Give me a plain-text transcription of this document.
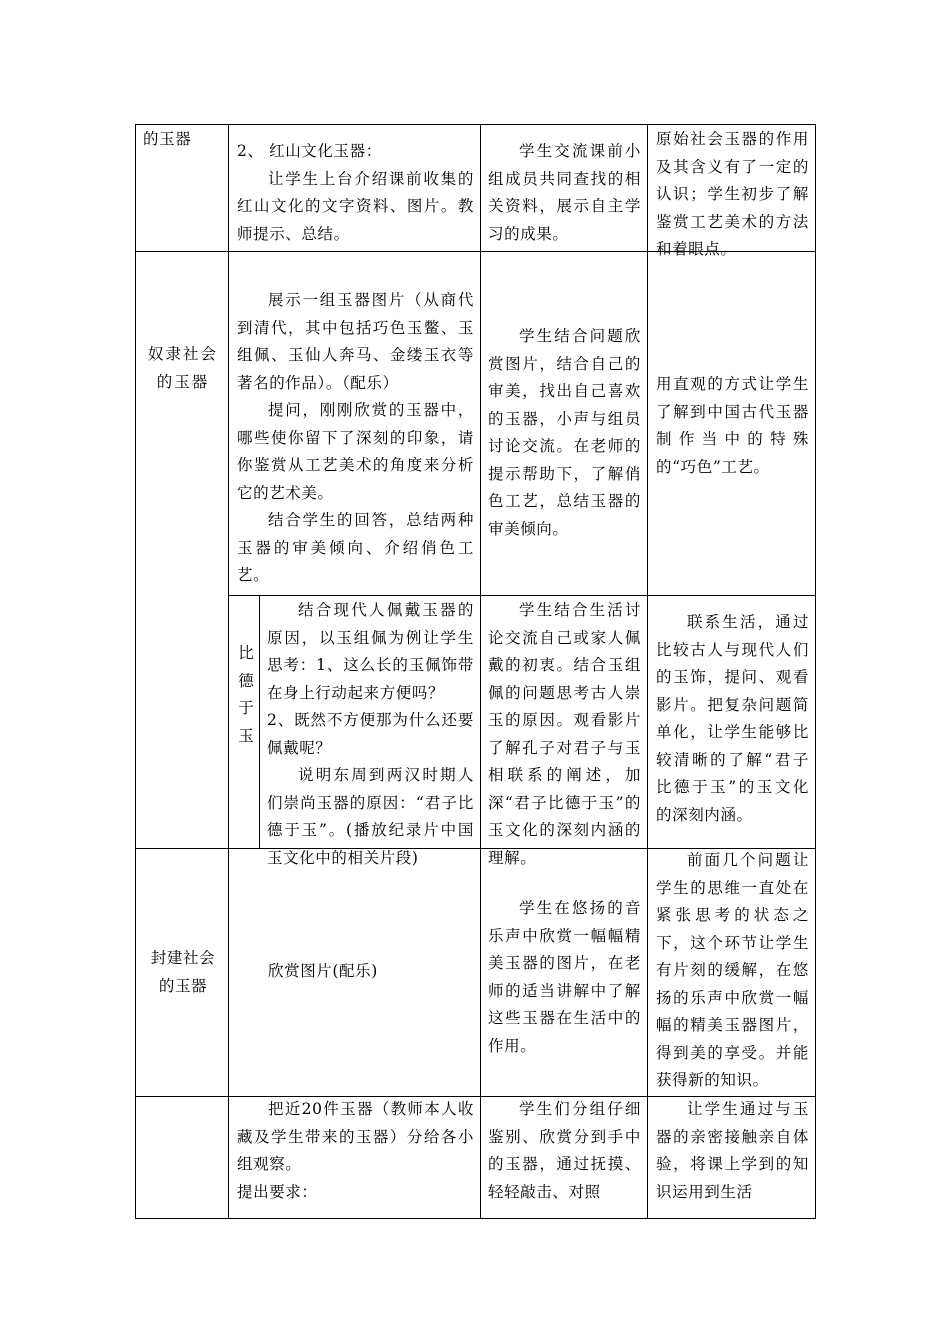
的玉器

2、 红山文化玉器：

让学生上台介绍课前收集的红山文化的文字资料、图片。教师提示、总结。

学生交流课前小组成员共同查找的相关资料，展示自主学习的成果。

原始社会玉器的作用及其含义有了一定的认识；学生初步了解鉴赏工艺美术的方法和着眼点。

奴隶社会的玉器

展示一组玉器图片（从商代到清代，其中包括巧色玉鳖、玉组佩、玉仙人奔马、金缕玉衣等著名的作品）。（配乐）

提问，刚刚欣赏的玉器中，哪些使你留下了深刻的印象，请你鉴赏从工艺美术的角度来分析它的艺术美。

结合学生的回答，总结两种玉器的审美倾向、介绍俏色工艺。

学生结合问题欣赏图片，结合自己的审美，找出自己喜欢的玉器，小声与组员讨论交流。在老师的提示帮助下，了解俏色工艺，总结玉器的审美倾向。

用直观的方式让学生了解到中国古代玉器制作当中的特殊的“巧色”工艺。

比德于玉

结合现代人佩戴玉器的原因，以玉组佩为例让学生思考：1、这么长的玉佩饰带在身上行动起来方便吗？

2、既然不方便那为什么还要佩戴呢？

说明东周到两汉时期人们崇尚玉器的原因：“君子比德于玉”。(播放纪录片中国玉文化中的相关片段)

学生结合生活讨论交流自己或家人佩戴的初衷。结合玉组佩的问题思考古人崇玉的原因。观看影片了解孔子对君子与玉相联系的阐述，加深“君子比德于玉”的玉文化的深刻内涵的理解。

联系生活，通过比较古人与现代人们的玉饰，提问、观看影片。把复杂问题简单化，让学生能够比较清晰的了解“君子比德于玉”的玉文化的深刻内涵。

封建社会的玉器

欣赏图片(配乐)

学生在悠扬的音乐声中欣赏一幅幅精美玉器的图片，在老师的适当讲解中了解这些玉器在生活中的作用。

前面几个问题让学生的思维一直处在紧张思考的状态之下，这个环节让学生有片刻的缓解，在悠扬的乐声中欣赏一幅幅的精美玉器图片，得到美的享受。并能获得新的知识。

把近20件玉器（教师本人收藏及学生带来的玉器）分给各小组观察。

提出要求：

学生们分组仔细鉴别、欣赏分到手中的玉器，通过抚摸、轻轻敲击、对照

让学生通过与玉器的亲密接触亲自体验，将课上学到的知识运用到生活
